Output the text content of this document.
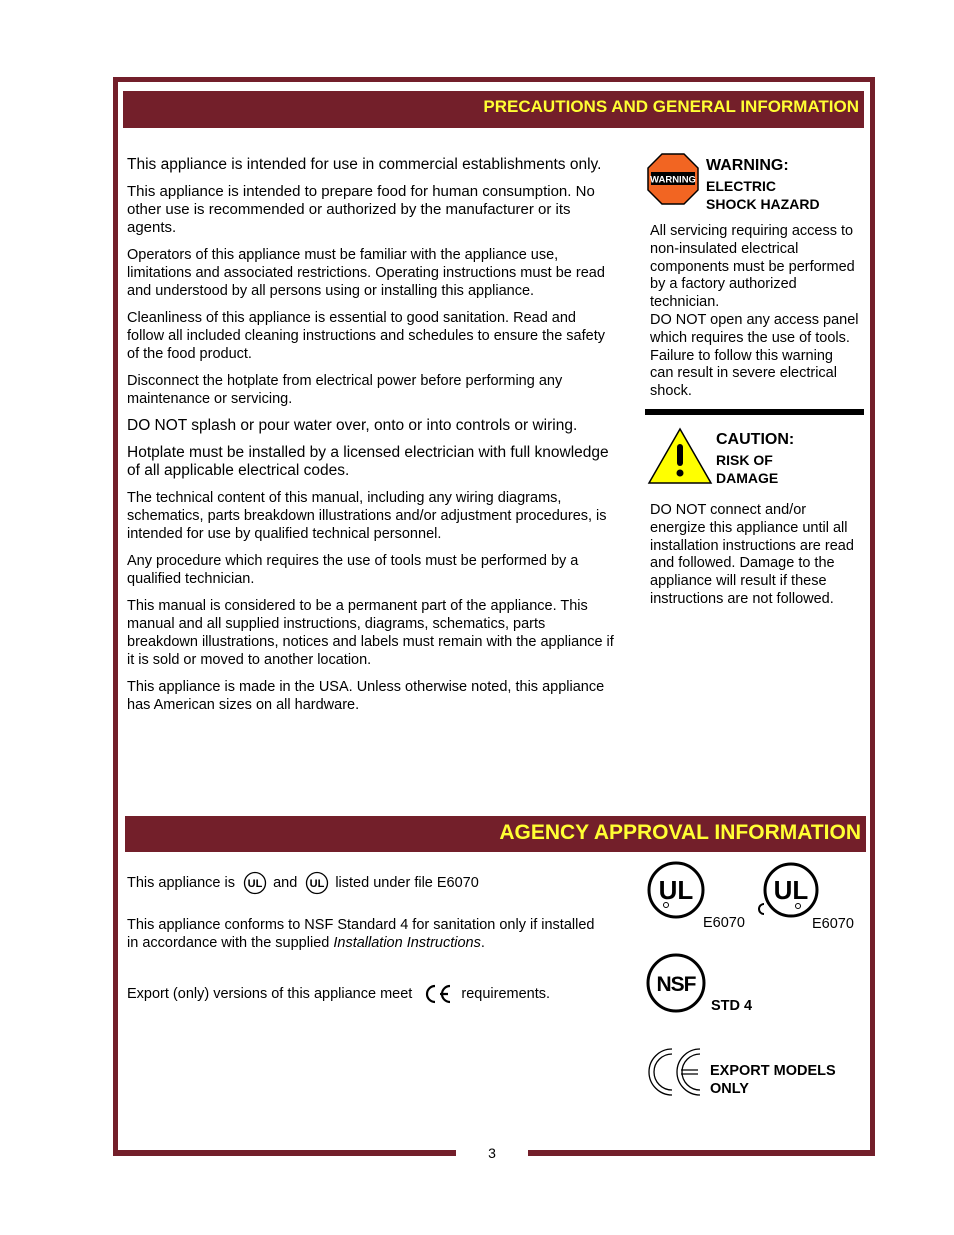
3
PRECAUTIONS AND GENERAL INFORMATION

This appliance is intended for use in commercial establishments only.

This appliance is intended to prepare food for human consumption. No other use is recommended or authorized by the manufacturer or its agents.

Operators of this appliance must be familiar with the appliance use, limitations and associated restrictions. Operating instructions must be read and understood by all persons using or installing this appliance.

Cleanliness of this appliance is essential to good sanitation. Read and follow all included cleaning instructions and schedules to ensure the safety of the food product.

Disconnect the hotplate from electrical power before performing any maintenance or servicing.

DO NOT splash or pour water over, onto or into controls or wiring.

Hotplate must be installed by a licensed electrician with full knowledge of all applicable electrical codes.

The technical content of this manual, including any wiring diagrams, schematics, parts breakdown illustrations and/or adjustment procedures, is intended for use by qualified technical personnel.

Any procedure which requires the use of tools must be performed by a qualified technician.

This manual is considered to be a permanent part of the appliance. This manual and all supplied instructions, diagrams, schematics, parts breakdown illustrations, notices and labels must remain with the appliance if it is sold or moved to another location.

This appliance is made in the USA. Unless otherwise noted, this appliance has American sizes on all hardware.

WARNING
WARNING:
ELECTRIC
SHOCK HAZARD

All servicing requiring access to non-insulated electrical components must be performed by a factory authorized technician.
DO NOT open any access panel which requires the use of tools. Failure to follow this warning can result in severe electrical shock.

CAUTION:
RISK OF
DAMAGE

DO NOT connect and/or energize this appliance until all installation instructions are read and followed. Damage to the appliance will result if these instructions are not followed.

AGENCY APPROVAL INFORMATION

This appliance is UL and UL listed under file E6070

This appliance conforms to NSF Standard 4 for sanitation only if installed in accordance with the supplied Installation Instructions.

Export (only) versions of this appliance meet	requirements.

UL
E6070
UL
E6070
NSF
STD 4
EXPORT MODELS
ONLY
